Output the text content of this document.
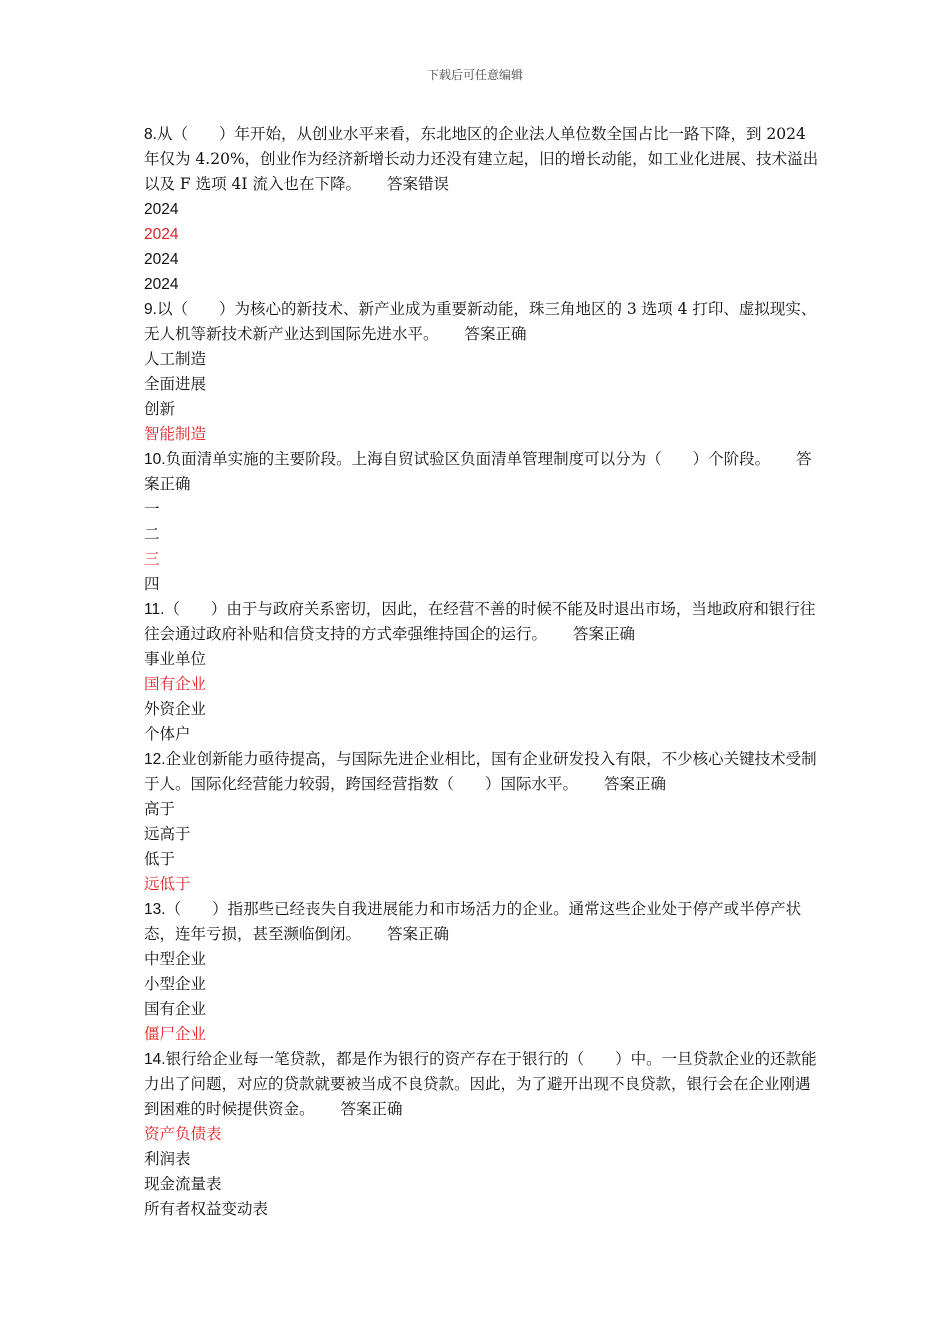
下载后可任意编辑

8.从（　　）年开始，从创业水平来看，东北地区的企业法人单位数全国占比一路下降，到 2024 年仅为 4.20%，创业作为经济新增长动力还没有建立起，旧的增长动能，如工业化进展、技术溢出以及 F 选项 4I 流入也在下降。 答案错误

2024
2024
2024
2024

9.以（　　）为核心的新技术、新产业成为重要新动能，珠三角地区的 3 选项 4 打印、虚拟现实、无人机等新技术新产业达到国际先进水平。 答案正确

人工制造
全面进展
创新
智能制造

10.负面清单实施的主要阶段。上海自贸试验区负面清单管理制度可以分为（　　）个阶段。 答案正确

一
二
三
四

11.（　　）由于与政府关系密切，因此，在经营不善的时候不能及时退出市场，当地政府和银行往往会通过政府补贴和信贷支持的方式牵强维持国企的运行。 答案正确

事业单位
国有企业
外资企业
个体户

12.企业创新能力亟待提高，与国际先进企业相比，国有企业研发投入有限，不少核心关键技术受制于人。国际化经营能力较弱，跨国经营指数（　　）国际水平。 答案正确

高于
远高于
低于
远低于

13.（　　）指那些已经丧失自我进展能力和市场活力的企业。通常这些企业处于停产或半停产状态，连年亏损，甚至濒临倒闭。 答案正确

中型企业
小型企业
国有企业
僵尸企业

14.银行给企业每一笔贷款，都是作为银行的资产存在于银行的（　　）中。一旦贷款企业的还款能力出了问题，对应的贷款就要被当成不良贷款。因此，为了避开出现不良贷款，银行会在企业刚遇到困难的时候提供资金。 答案正确

资产负债表
利润表
现金流量表
所有者权益变动表
